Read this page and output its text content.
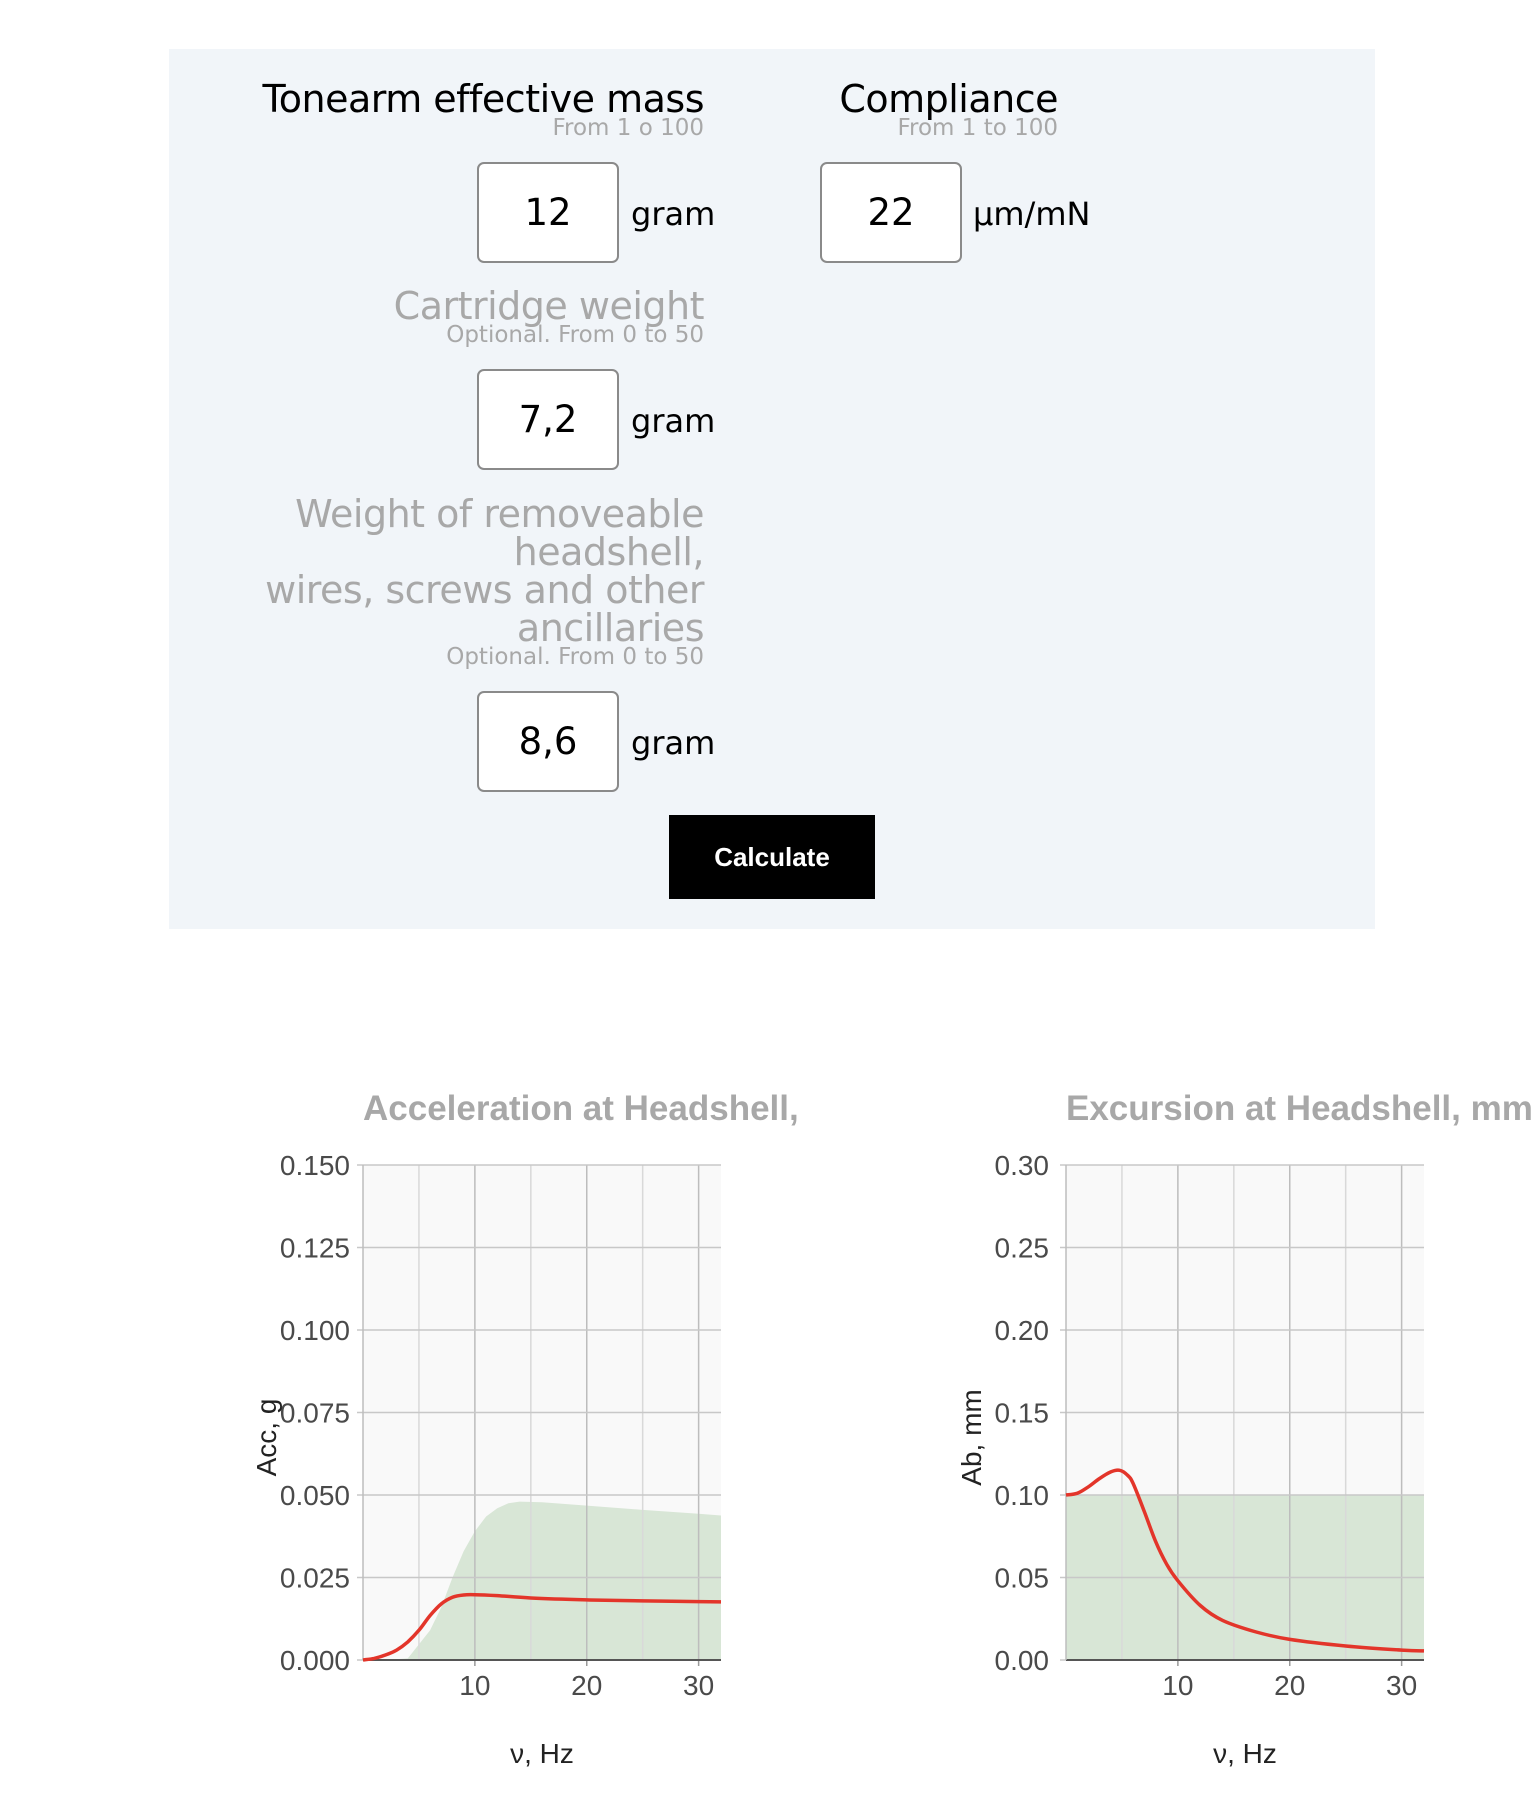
Tonearm effective mass
From 1 o 100
12
gram
Compliance
From 1 to 100
22
μm/mN
Cartridge weight
Optional. From 0 to 50
7,2
gram
Weight of removeable
headshell,
wires, screws and other
ancillaries
Optional. From 0 to 50
8,6
gram
Calculate
0.000
0.025
0.050
0.075
0.100
0.125
0.150
10	20	30
Acceleration at Headshell,
ν, Hz
Acc, g
0.00
0.05
0.10
0.15
0.20
0.25
0.30
10	20	30
Excursion at Headshell, mm
ν, Hz
Ab, mm
